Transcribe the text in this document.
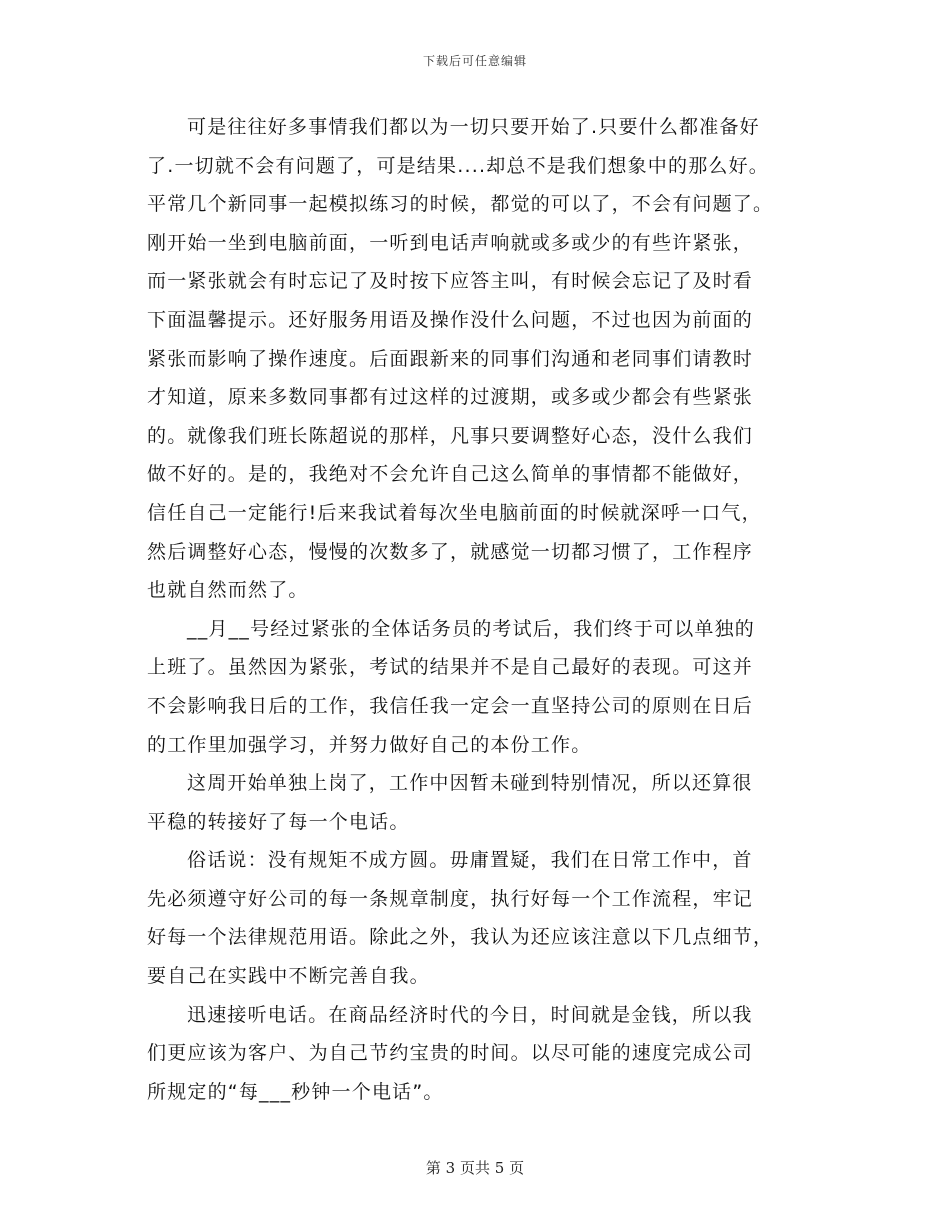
下载后可任意编辑
可是往往好多事情我们都以为一切只要开始了.只要什么都准备好
了.一切就不会有问题了，可是结果....却总不是我们想象中的那么好。
平常几个新同事一起模拟练习的时候，都觉的可以了，不会有问题了。
刚开始一坐到电脑前面，一听到电话声响就或多或少的有些许紧张，
而一紧张就会有时忘记了及时按下应答主叫，有时候会忘记了及时看
下面温馨提示。还好服务用语及操作没什么问题，不过也因为前面的
紧张而影响了操作速度。后面跟新来的同事们沟通和老同事们请教时
才知道，原来多数同事都有过这样的过渡期，或多或少都会有些紧张
的。就像我们班长陈超说的那样，凡事只要调整好心态，没什么我们
做不好的。是的，我绝对不会允许自己这么简单的事情都不能做好，
信任自己一定能行!后来我试着每次坐电脑前面的时候就深呼一口气，
然后调整好心态，慢慢的次数多了，就感觉一切都习惯了，工作程序
也就自然而然了。
__月__号经过紧张的全体话务员的考试后，我们终于可以单独的
上班了。虽然因为紧张，考试的结果并不是自己最好的表现。可这并
不会影响我日后的工作，我信任我一定会一直坚持公司的原则在日后
的工作里加强学习，并努力做好自己的本份工作。
这周开始单独上岗了，工作中因暂未碰到特别情况，所以还算很
平稳的转接好了每一个电话。
俗话说：没有规矩不成方圆。毋庸置疑，我们在日常工作中，首
先必须遵守好公司的每一条规章制度，执行好每一个工作流程，牢记
好每一个法律规范用语。除此之外，我认为还应该注意以下几点细节，
要自己在实践中不断完善自我。
迅速接听电话。在商品经济时代的今日，时间就是金钱，所以我
们更应该为客户、为自己节约宝贵的时间。以尽可能的速度完成公司
所规定的“每___秒钟一个电话”。
第 3 页共 5 页
